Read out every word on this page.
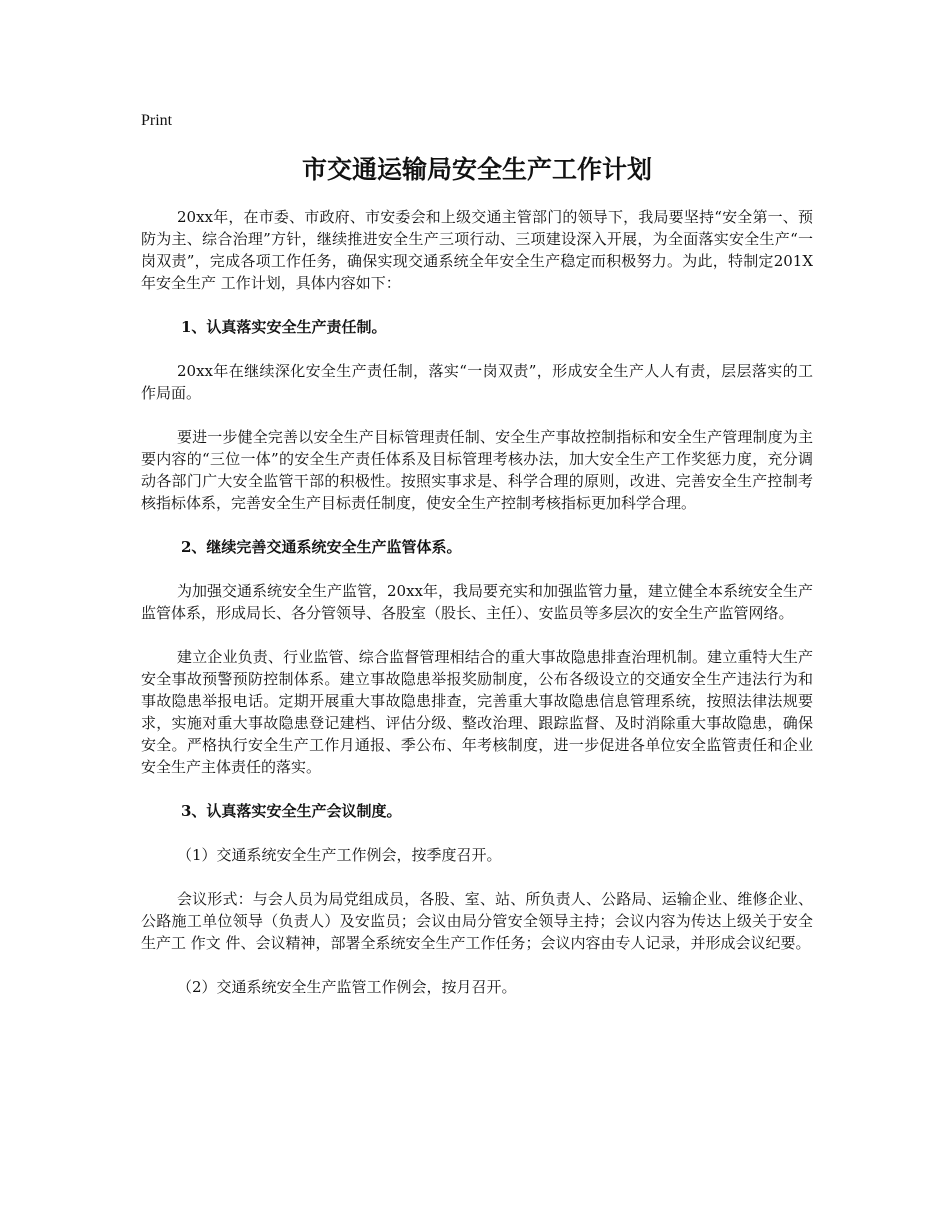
Print
市交通运输局安全生产工作计划

20xx年，在市委、市政府、市安委会和上级交通主管部门的领导下，我局要坚持“安全第一、预防为主、综合治理”方针，继续推进安全生产三项行动、三项建设深入开展，为全面落实安全生产“一岗双责”，完成各项工作任务，确保实现交通系统全年安全生产稳定而积极努力。为此，特制定201X年安全生产 工作计划，具体内容如下：

1、认真落实安全生产责任制。

20xx年在继续深化安全生产责任制，落实“一岗双责”，形成安全生产人人有责，层层落实的工作局面。

要进一步健全完善以安全生产目标管理责任制、安全生产事故控制指标和安全生产管理制度为主要内容的“三位一体”的安全生产责任体系及目标管理考核办法，加大安全生产工作奖惩力度，充分调动各部门广大安全监管干部的积极性。按照实事求是、科学合理的原则，改进、完善安全生产控制考核指标体系，完善安全生产目标责任制度，使安全生产控制考核指标更加科学合理。

2、继续完善交通系统安全生产监管体系。

为加强交通系统安全生产监管，20xx年，我局要充实和加强监管力量，建立健全本系统安全生产监管体系，形成局长、各分管领导、各股室（股长、主任）、安监员等多层次的安全生产监管网络。

建立企业负责、行业监管、综合监督管理相结合的重大事故隐患排查治理机制。建立重特大生产安全事故预警预防控制体系。建立事故隐患举报奖励制度，公布各级设立的交通安全生产违法行为和事故隐患举报电话。定期开展重大事故隐患排查，完善重大事故隐患信息管理系统，按照法律法规要求，实施对重大事故隐患登记建档、评估分级、整改治理、跟踪监督、及时消除重大事故隐患，确保安全。严格执行安全生产工作月通报、季公布、年考核制度，进一步促进各单位安全监管责任和企业安全生产主体责任的落实。

3、认真落实安全生产会议制度。

（1）交通系统安全生产工作例会，按季度召开。

会议形式：与会人员为局党组成员，各股、室、站、所负责人、公路局、运输企业、维修企业、公路施工单位领导（负责人）及安监员；会议由局分管安全领导主持；会议内容为传达上级关于安全生产工 作文 件、会议精神，部署全系统安全生产工作任务；会议内容由专人记录，并形成会议纪要。

（2）交通系统安全生产监管工作例会，按月召开。
